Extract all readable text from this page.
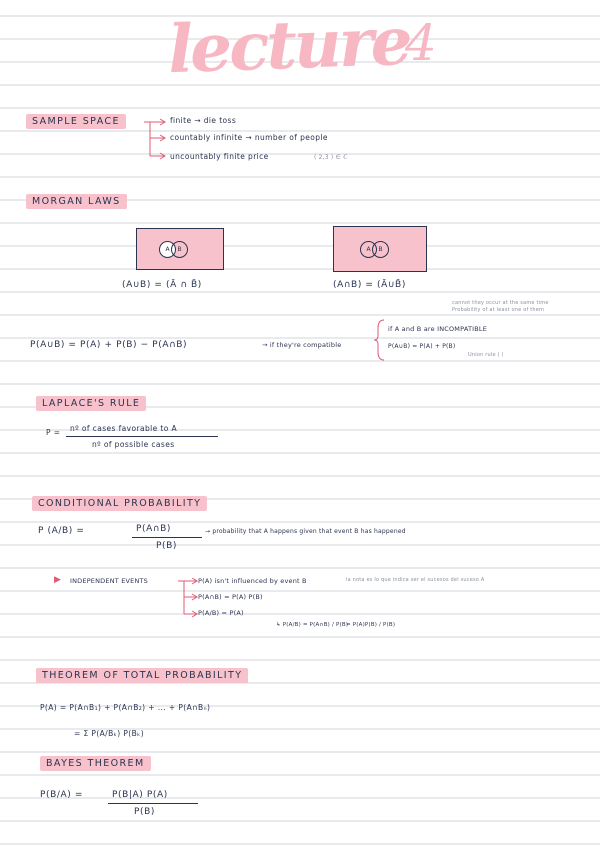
lecture
4
SAMPLE SPACE	finite → die toss
countably infinite → number of people
uncountably finite price	( 2,3 ) ∈ ℂ
MORGAN LAWS
A	B	A	B
(A∪B) = (Ā ∩ B̄)	(A∩B) = (Ā∪B̄)
cannot they occur at the same time
Probability of at least one of them
P(A∪B) = P(A) + P(B) − P(A∩B)	→ if they're compatible
if A and B are INCOMPATIBLE
P(A∪B) = P(A) + P(B)
Union rule ( )
LAPLACE'S RULE
P = nº of cases favorable to A
nº of possible cases
CONDITIONAL PROBABILITY
P (A/B) =	P(A∩B)
P(B)
→ probability that A happens given that event B has happened
▶ INDEPENDENT EVENTS	P(A) isn't influenced by event B	la nota es lo que indica ser el sucesos del suceso A
P(A∩B) = P(A) P(B)
P(A/B) = P(A)
↳ P(A/B) = P(A∩B) / P(B)
= P(A)P(B) / P(B)
THEOREM OF TOTAL PROBABILITY
P(A) = P(A∩B₁) + P(A∩B₂) + ... + P(A∩Bₙ)
= Σ P(A/Bₖ) P(Bₖ)
BAYES THEOREM
P(B/A) =	P(B|A) P(A)
P(B)
